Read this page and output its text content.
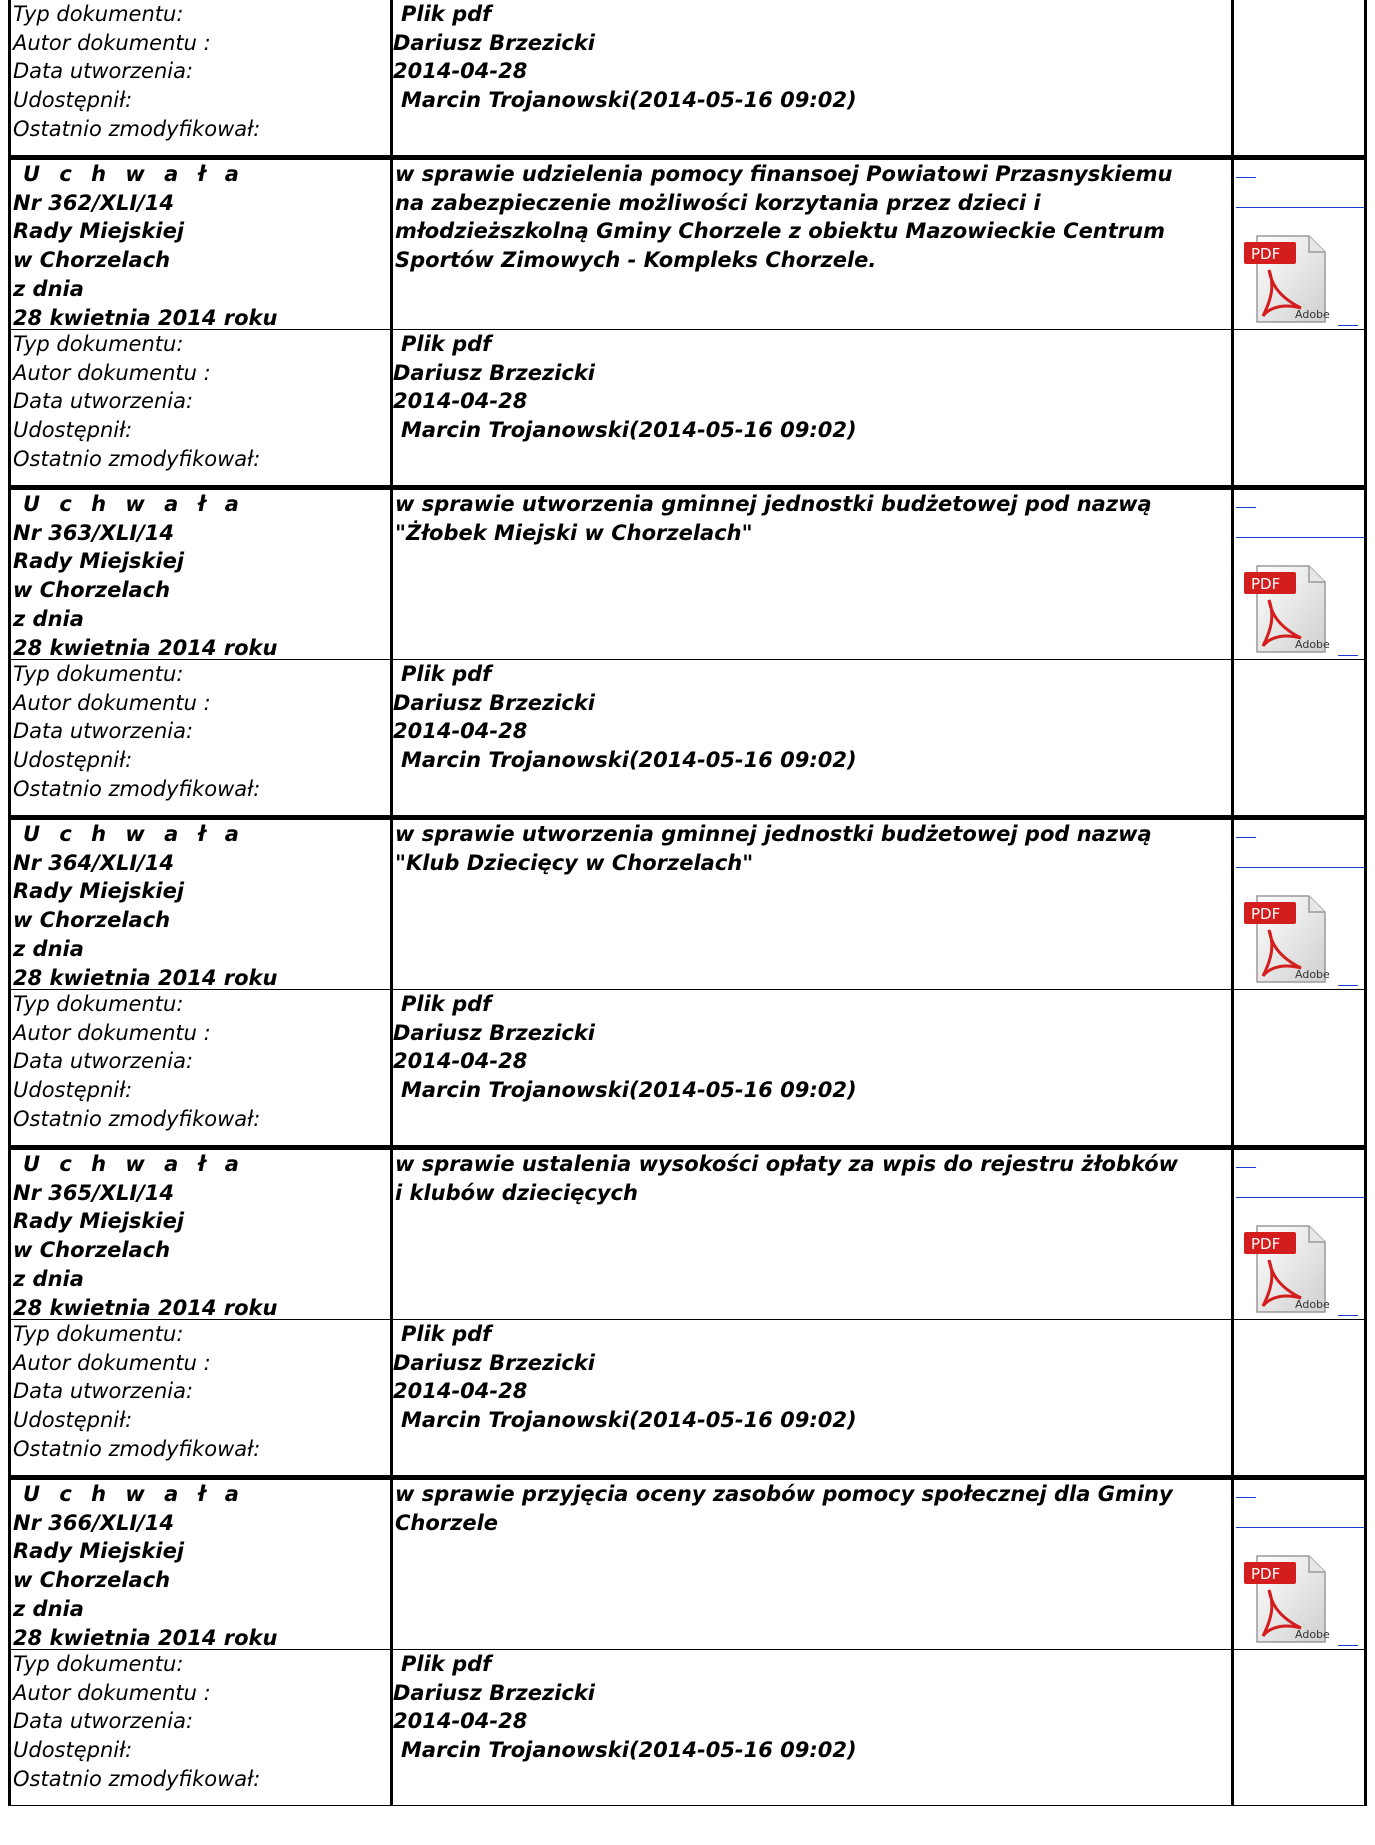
Typ dokumentu:
Autor dokumentu :
Data utworzenia:
Udostępnił:
Ostatnio zmodyfikował:
Plik pdf
Dariusz Brzezicki
2014-04-28
Marcin Trojanowski(2014-05-16 09:02)
U c h w a ł a
Nr 362/XLI/14
Rady Miejskiej
w Chorzelach
z dnia
28 kwietnia 2014 roku
w sprawie udzielenia pomocy finansoej Powiatowi Przasnyskiemu
na zabezpieczenie możliwości korzytania przez dzieci i
młodzieższkolną Gminy Chorzele z obiektu Mazowieckie Centrum
Sportów Zimowych - Kompleks Chorzele.	PDF
Adobe
Typ dokumentu:
Autor dokumentu :
Data utworzenia:
Udostępnił:
Ostatnio zmodyfikował:
Plik pdf
Dariusz Brzezicki
2014-04-28
Marcin Trojanowski(2014-05-16 09:02)
U c h w a ł a
Nr 363/XLI/14
Rady Miejskiej
w Chorzelach
z dnia
28 kwietnia 2014 roku
w sprawie utworzenia gminnej jednostki budżetowej pod nazwą
"Żłobek Miejski w Chorzelach"
PDF
Adobe
Typ dokumentu:
Autor dokumentu :
Data utworzenia:
Udostępnił:
Ostatnio zmodyfikował:
Plik pdf
Dariusz Brzezicki
2014-04-28
Marcin Trojanowski(2014-05-16 09:02)
U c h w a ł a
Nr 364/XLI/14
Rady Miejskiej
w Chorzelach
z dnia
28 kwietnia 2014 roku
w sprawie utworzenia gminnej jednostki budżetowej pod nazwą
"Klub Dziecięcy w Chorzelach"
PDF
Adobe
Typ dokumentu:
Autor dokumentu :
Data utworzenia:
Udostępnił:
Ostatnio zmodyfikował:
Plik pdf
Dariusz Brzezicki
2014-04-28
Marcin Trojanowski(2014-05-16 09:02)
U c h w a ł a
Nr 365/XLI/14
Rady Miejskiej
w Chorzelach
z dnia
28 kwietnia 2014 roku
w sprawie ustalenia wysokości opłaty za wpis do rejestru żłobków
i klubów dziecięcych
PDF
Adobe
Typ dokumentu:
Autor dokumentu :
Data utworzenia:
Udostępnił:
Ostatnio zmodyfikował:
Plik pdf
Dariusz Brzezicki
2014-04-28
Marcin Trojanowski(2014-05-16 09:02)
U c h w a ł a
Nr 366/XLI/14
Rady Miejskiej
w Chorzelach
z dnia
28 kwietnia 2014 roku
w sprawie przyjęcia oceny zasobów pomocy społecznej dla Gminy
Chorzele
PDF
Adobe
Typ dokumentu:
Autor dokumentu :
Data utworzenia:
Udostępnił:
Ostatnio zmodyfikował:
Plik pdf
Dariusz Brzezicki
2014-04-28
Marcin Trojanowski(2014-05-16 09:02)
